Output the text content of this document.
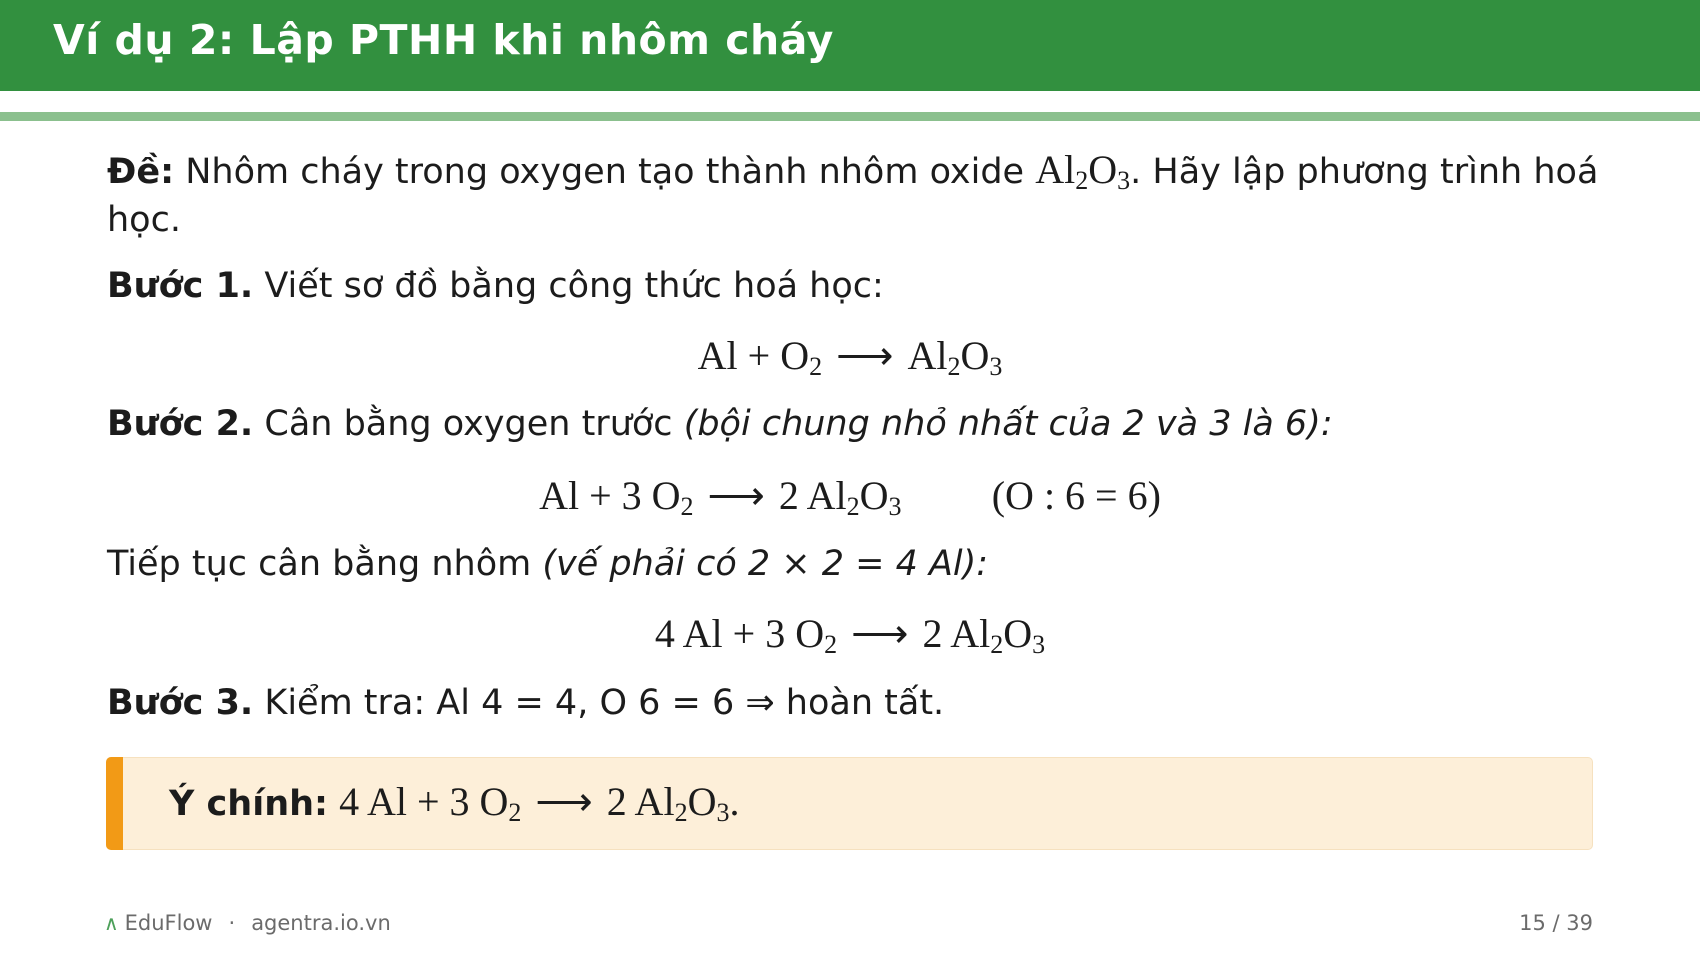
Ví dụ 2: Lập PTHH khi nhôm cháy
Đề: Nhôm cháy trong oxygen tạo thành nhôm oxide $Al_2O_3$. Hãy lập phương trình hoá
học.
Bước 1. Viết sơ đồ bằng công thức hoá học:
$Al + O_2$ ⟶ $Al_2O_3$
Bước 2. Cân bằng oxygen trước (bội chung nhỏ nhất của 2 và 3 là 6):
Al + 3 $O_2$ ⟶ 2 $Al_2O_3$ (O : 6 = 6)
Tiếp tục cân bằng nhôm (vế phải có 2 × 2 = 4 Al):
4 Al + 3 $O_2$ ⟶ 2 $Al_2O_3$
Bước 3. Kiểm tra: Al 4 = 4, O 6 = 6 ⇒ hoàn tất.
Ý chính: 4 Al + 3 $O_2$ ⟶ 2 $Al_2O_3$.
∧ EduFlow · agentra.io.vn	15 / 39
